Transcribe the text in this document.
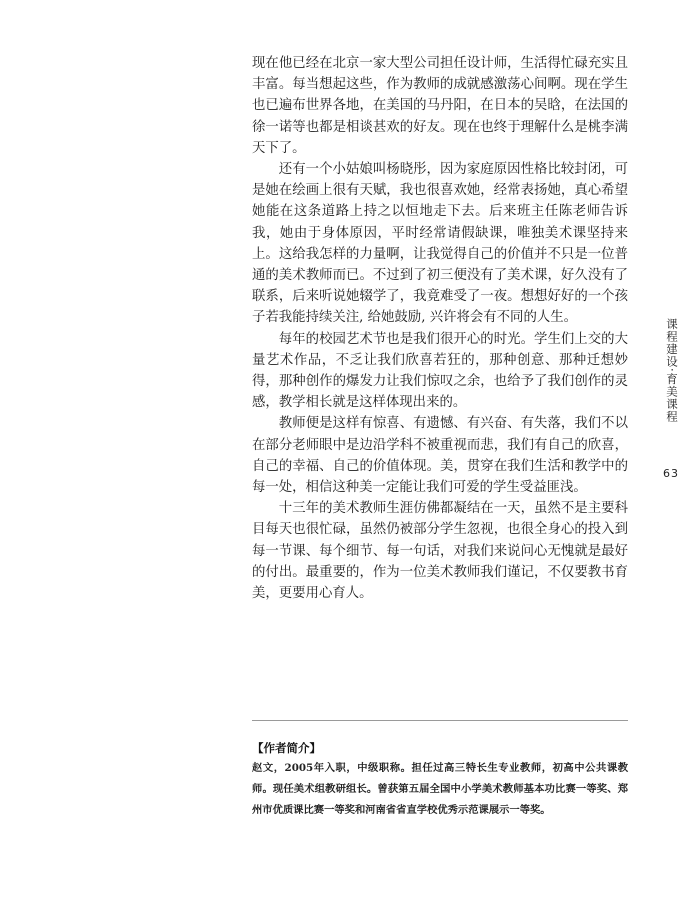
现在他已经在北京一家大型公司担任设计师，生活得忙碌充实且丰富。每当想起这些，作为教师的成就感激荡心间啊。现在学生也已遍布世界各地，在美国的马丹阳，在日本的吴晗，在法国的徐一诺等也都是相谈甚欢的好友。现在也终于理解什么是桃李满天下了。

还有一个小姑娘叫杨晓彤，因为家庭原因性格比较封闭，可是她在绘画上很有天赋，我也很喜欢她，经常表扬她，真心希望她能在这条道路上持之以恒地走下去。后来班主任陈老师告诉我，她由于身体原因，平时经常请假缺课，唯独美术课坚持来上。这给我怎样的力量啊，让我觉得自己的价值并不只是一位普通的美术教师而已。不过到了初三便没有了美术课，好久没有了联系，后来听说她辍学了，我竟难受了一夜。想想好好的一个孩子若我能持续关注, 给她鼓励, 兴许将会有不同的人生。

每年的校园艺术节也是我们很开心的时光。学生们上交的大量艺术作品，不乏让我们欣喜若狂的，那种创意、那种迁想妙得，那种创作的爆发力让我们惊叹之余，也给予了我们创作的灵感，教学相长就是这样体现出来的。

教师便是这样有惊喜、有遗憾、有兴奋、有失落，我们不以在部分老师眼中是边沿学科不被重视而悲，我们有自己的欣喜，自己的幸福、自己的价值体现。美，贯穿在我们生活和教学中的每一处，相信这种美一定能让我们可爱的学生受益匪浅。

十三年的美术教师生涯仿佛都凝结在一天，虽然不是主要科目每天也很忙碌，虽然仍被部分学生忽视，也很全身心的投入到每一节课、每个细节、每一句话，对我们来说问心无愧就是最好的付出。最重要的，作为一位美术教师我们谨记，不仅要教书育美，更要用心育人。

课程建设·育美课程
63
【作者简介】
赵文，2005年入职，中级职称。担任过高三特长生专业教师，初高中公共课教师。现任美术组教研组长。曾获第五届全国中小学美术教师基本功比赛一等奖、郑州市优质课比赛一等奖和河南省省直学校优秀示范课展示一等奖。
